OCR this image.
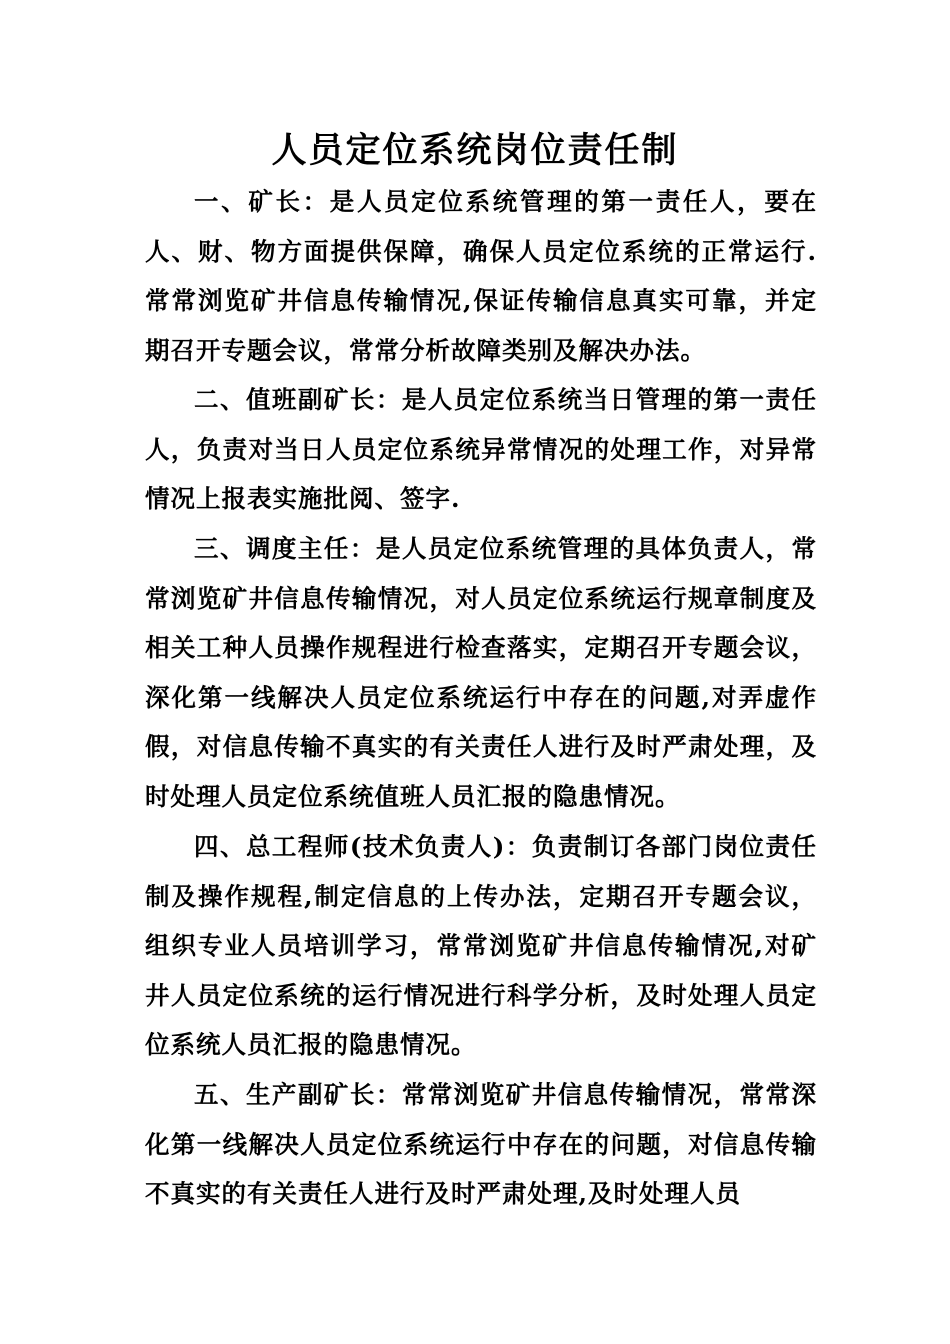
人员定位系统岗位责任制

一、矿长：是人员定位系统管理的第一责任人，要在人、财、物方面提供保障，确保人员定位系统的正常运行.常常浏览矿井信息传输情况,保证传输信息真实可靠，并定期召开专题会议，常常分析故障类别及解决办法。

二、值班副矿长：是人员定位系统当日管理的第一责任人，负责对当日人员定位系统异常情况的处理工作，对异常情况上报表实施批阅、签字.

三、调度主任：是人员定位系统管理的具体负责人，常常浏览矿井信息传输情况，对人员定位系统运行规章制度及相关工种人员操作规程进行检查落实，定期召开专题会议，深化第一线解决人员定位系统运行中存在的问题,对弄虚作假，对信息传输不真实的有关责任人进行及时严肃处理，及时处理人员定位系统值班人员汇报的隐患情况。

四、总工程师(技术负责人)：负责制订各部门岗位责任制及操作规程,制定信息的上传办法，定期召开专题会议，组织专业人员培训学习，常常浏览矿井信息传输情况,对矿井人员定位系统的运行情况进行科学分析，及时处理人员定位系统人员汇报的隐患情况。

五、生产副矿长：常常浏览矿井信息传输情况，常常深化第一线解决人员定位系统运行中存在的问题，对信息传输不真实的有关责任人进行及时严肃处理,及时处理人员
